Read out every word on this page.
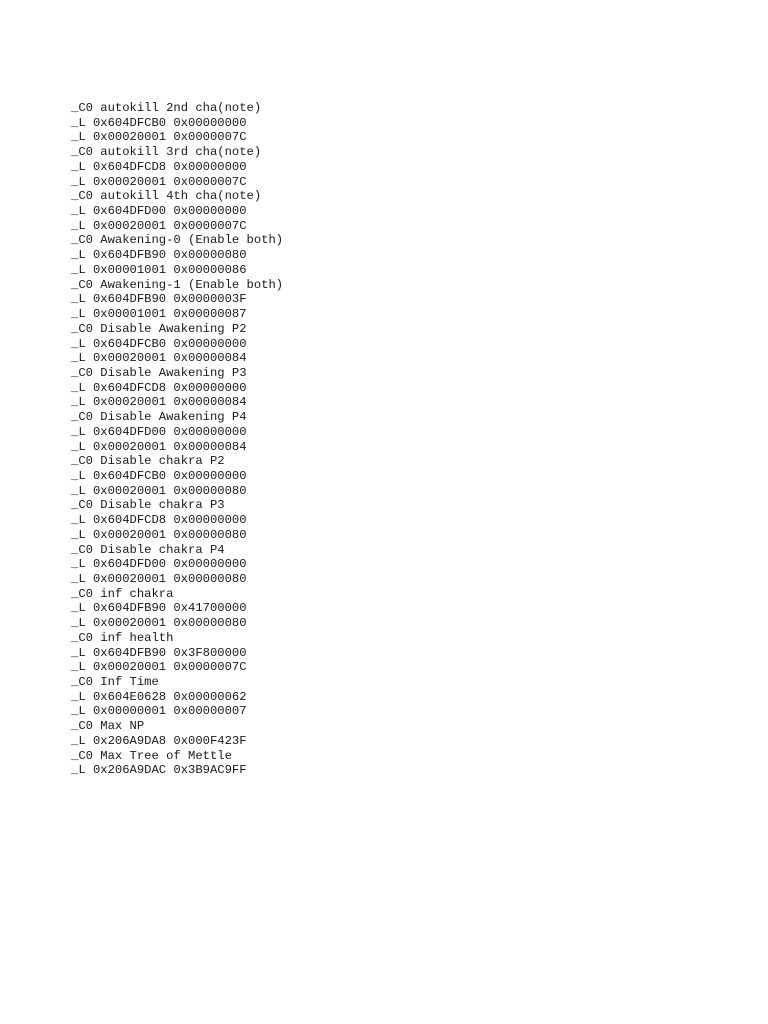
_C0 autokill 2nd cha(note)
_L 0x604DFCB0 0x00000000
_L 0x00020001 0x0000007C
_C0 autokill 3rd cha(note)
_L 0x604DFCD8 0x00000000
_L 0x00020001 0x0000007C
_C0 autokill 4th cha(note)
_L 0x604DFD00 0x00000000
_L 0x00020001 0x0000007C
_C0 Awakening-0 (Enable both)
_L 0x604DFB90 0x00000080
_L 0x00001001 0x00000086
_C0 Awakening-1 (Enable both)
_L 0x604DFB90 0x0000003F
_L 0x00001001 0x00000087
_C0 Disable Awakening P2
_L 0x604DFCB0 0x00000000
_L 0x00020001 0x00000084
_C0 Disable Awakening P3
_L 0x604DFCD8 0x00000000
_L 0x00020001 0x00000084
_C0 Disable Awakening P4
_L 0x604DFD00 0x00000000
_L 0x00020001 0x00000084
_C0 Disable chakra P2
_L 0x604DFCB0 0x00000000
_L 0x00020001 0x00000080
_C0 Disable chakra P3
_L 0x604DFCD8 0x00000000
_L 0x00020001 0x00000080
_C0 Disable chakra P4
_L 0x604DFD00 0x00000000
_L 0x00020001 0x00000080
_C0 inf chakra
_L 0x604DFB90 0x41700000
_L 0x00020001 0x00000080
_C0 inf health
_L 0x604DFB90 0x3F800000
_L 0x00020001 0x0000007C
_C0 Inf Time
_L 0x604E0628 0x00000062
_L 0x00000001 0x00000007
_C0 Max NP
_L 0x206A9DA8 0x000F423F
_C0 Max Tree of Mettle
_L 0x206A9DAC 0x3B9AC9FF
